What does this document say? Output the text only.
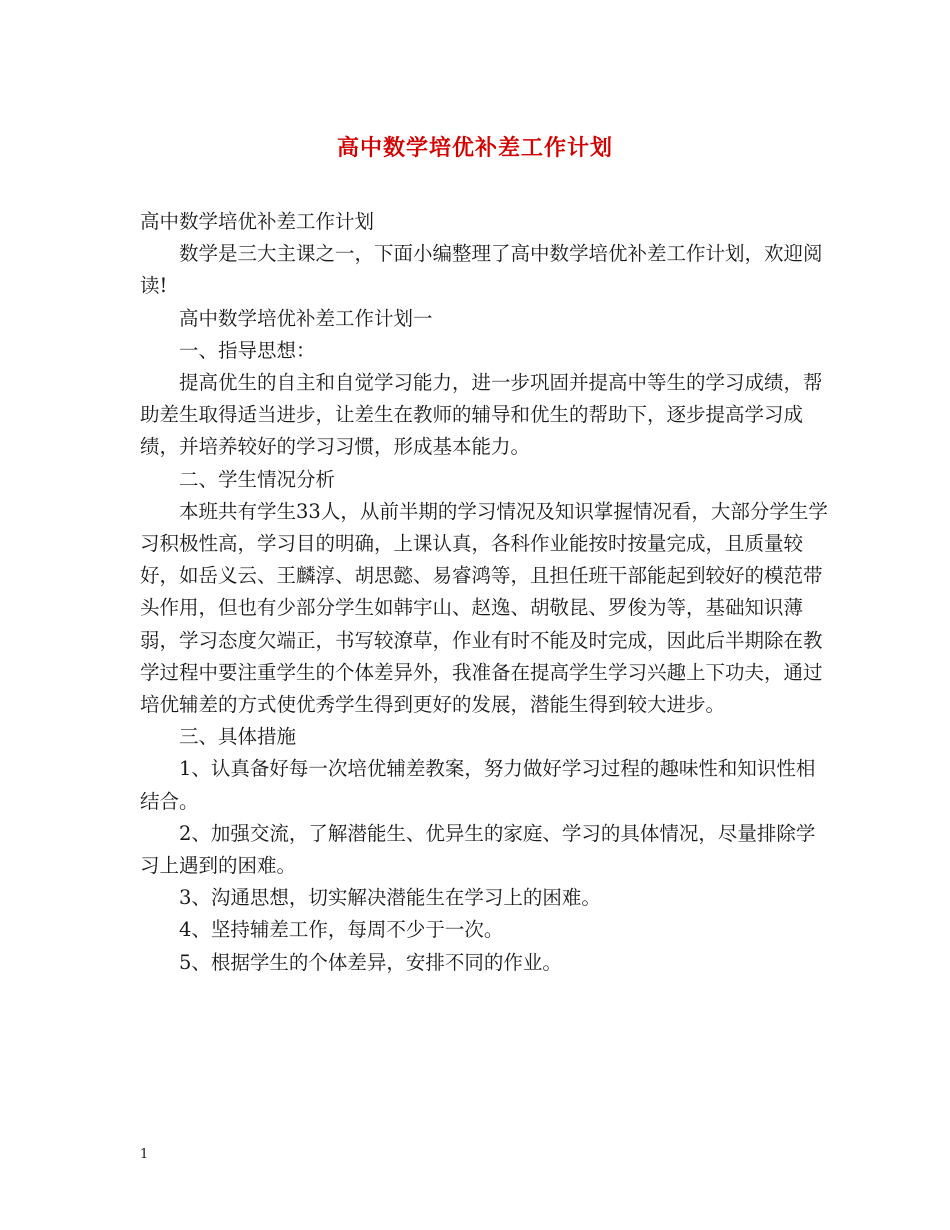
高中数学培优补差工作计划

高中数学培优补差工作计划

数学是三大主课之一，下面小编整理了高中数学培优补差工作计划，欢迎阅读!

高中数学培优补差工作计划一

一、指导思想：

提高优生的自主和自觉学习能力，进一步巩固并提高中等生的学习成绩，帮助差生取得适当进步，让差生在教师的辅导和优生的帮助下，逐步提高学习成绩，并培养较好的学习习惯，形成基本能力。

二、学生情况分析

本班共有学生33人，从前半期的学习情况及知识掌握情况看，大部分学生学习积极性高，学习目的明确，上课认真，各科作业能按时按量完成，且质量较好，如岳义云、王麟淳、胡思懿、易睿鸿等，且担任班干部能起到较好的模范带头作用，但也有少部分学生如韩宇山、赵逸、胡敬昆、罗俊为等，基础知识薄弱，学习态度欠端正，书写较潦草，作业有时不能及时完成，因此后半期除在教学过程中要注重学生的个体差异外，我准备在提高学生学习兴趣上下功夫，通过培优辅差的方式使优秀学生得到更好的发展，潜能生得到较大进步。

三、具体措施

1、认真备好每一次培优辅差教案，努力做好学习过程的趣味性和知识性相结合。

2、加强交流，了解潜能生、优异生的家庭、学习的具体情况，尽量排除学习上遇到的困难。

3、沟通思想，切实解决潜能生在学习上的困难。

4、坚持辅差工作，每周不少于一次。

5、根据学生的个体差异，安排不同的作业。

1
